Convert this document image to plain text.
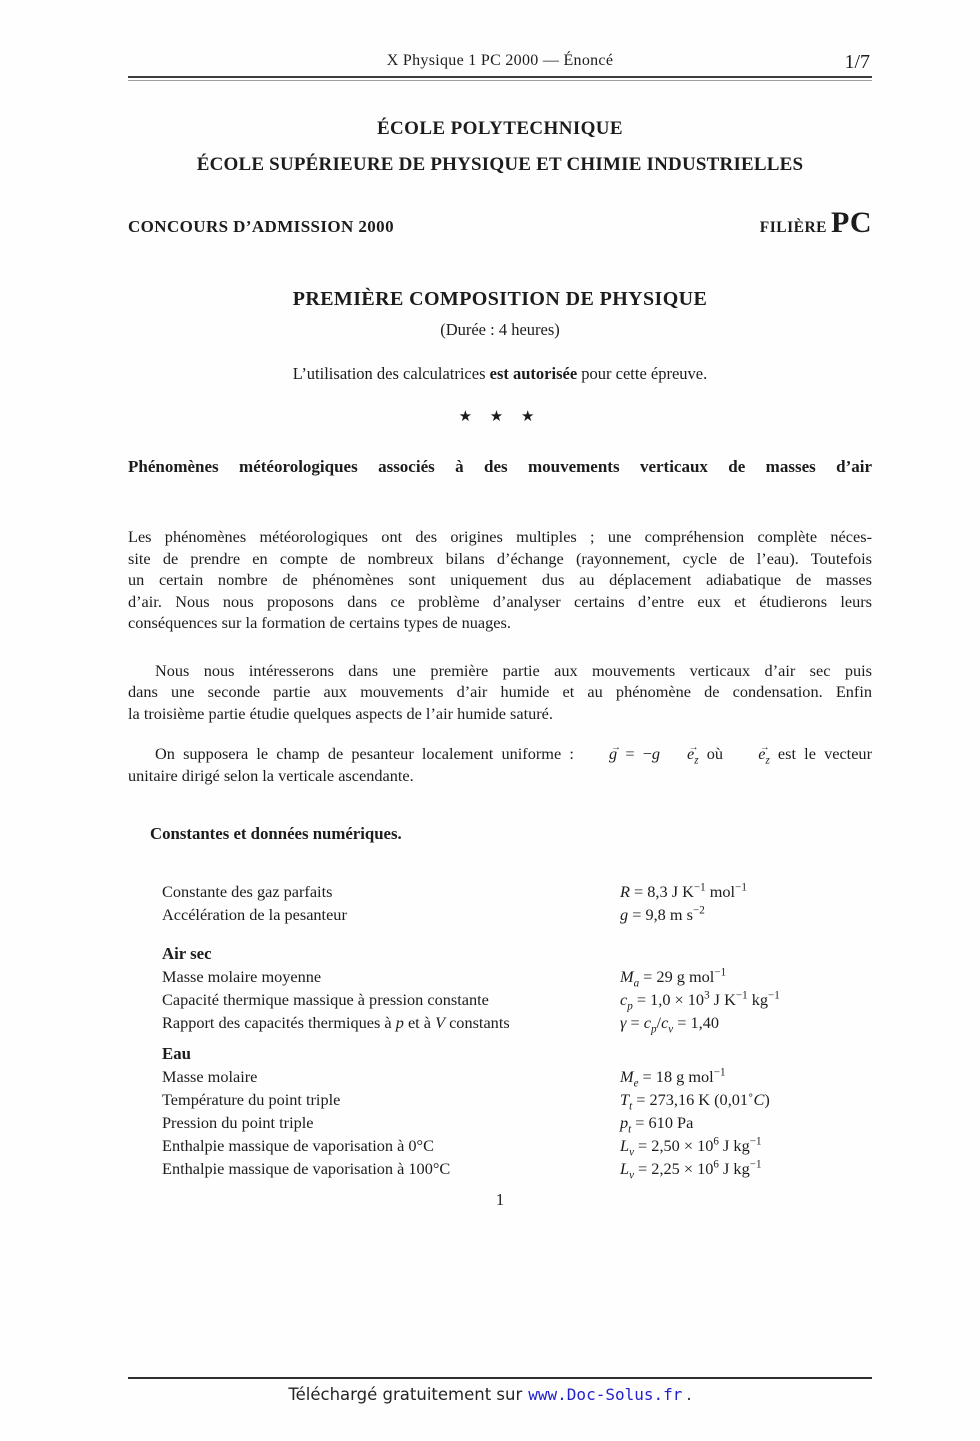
X Physique 1 PC 2000 — Énoncé	1/7
ÉCOLE POLYTECHNIQUE
ÉCOLE SUPÉRIEURE DE PHYSIQUE ET CHIMIE INDUSTRIELLES
CONCOURS D’ADMISSION 2000	FILIÈRE PC
PREMIÈRE COMPOSITION DE PHYSIQUE
(Durée : 4 heures)
L’utilisation des calculatrices est autorisée pour cette épreuve.
★ ★ ★
Phénomènes météorologiques associés à des mouvements verticaux de masses d’air
Les phénomènes météorologiques ont des origines multiples ; une compréhension complète néces-
site de prendre en compte de nombreux bilans d’échange (rayonnement, cycle de l’eau). Toutefois
un certain nombre de phénomènes sont uniquement dus au déplacement adiabatique de masses
d’air. Nous nous proposons dans ce problème d’analyser certains d’entre eux et étudierons leurs
conséquences sur la formation de certains types de nuages.
Nous nous intéresserons dans une première partie aux mouvements verticaux d’air sec puis
dans une seconde partie aux mouvements d’air humide et au phénomène de condensation. Enfin
la troisième partie étudie quelques aspects de l’air humide saturé.
On supposera le champ de pesanteur localement uniforme : g → = −g $e \to_z$ où $e \to_z$ est le vecteur
unitaire dirigé selon la verticale ascendante.
Constantes et données numériques.
Constante des gaz parfaits	R = 8,3 J $K^{-1}$ mol$^{-1}$
Accélération de la pesanteur	g = 9,8 m $s^{-2}$
Air sec
Masse molaire moyenne	$M_a = 29$ g mol$^{-1}$
Capacité thermique massique à pression constante	$c_p = 1,0 \times 10^3$ J $K^{-1}$ $kg^{-1}$
Rapport des capacités thermiques à p et à V constants	$\gamma = c_p/c_v = 1,40$
Eau
Masse molaire	$M_e = 18$ g mol$^{-1}$
Température du point triple	$T_t = 273,16$ K (0,01˚C)
Pression du point triple	$p_t = 610$ Pa
Enthalpie massique de vaporisation à 0°C	$L_v = 2,50 \times 10^6$ J $kg^{-1}$
Enthalpie massique de vaporisation à 100°C	$L_v = 2,25 \times 10^6$ J $kg^{-1}$
1
Téléchargé gratuitement sur www.Doc-Solus.fr .
